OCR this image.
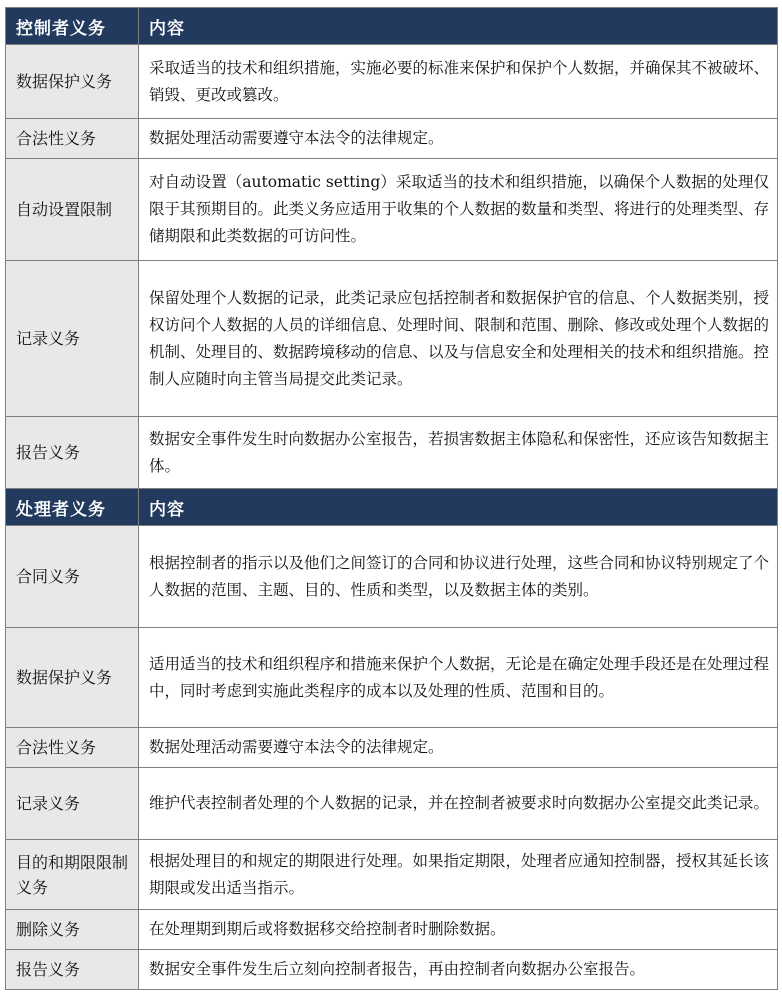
控制者义务	内容
数据保护义务	采取适当的技术和组织措施，实施必要的标准来保护和保护个人数据，并确保其不被破坏、销毁、更改或篡改。
合法性义务	数据处理活动需要遵守本法令的法律规定。
自动设置限制	对自动设置（automatic setting）采取适当的技术和组织措施，以确保个人数据的处理仅限于其预期目的。此类义务应适用于收集的个人数据的数量和类型、将进行的处理类型、存储期限和此类数据的可访问性。
记录义务	保留处理个人数据的记录，此类记录应包括控制者和数据保护官的信息、个人数据类别，授权访问个人数据的人员的详细信息、处理时间、限制和范围、删除、修改或处理个人数据的机制、处理目的、数据跨境移动的信息、以及与信息安全和处理相关的技术和组织措施。控制人应随时向主管当局提交此类记录。
报告义务	数据安全事件发生时向数据办公室报告，若损害数据主体隐私和保密性，还应该告知数据主体。
处理者义务	内容
合同义务	根据控制者的指示以及他们之间签订的合同和协议进行处理，这些合同和协议特别规定了个人数据的范围、主题、目的、性质和类型，以及数据主体的类别。
数据保护义务	适用适当的技术和组织程序和措施来保护个人数据，无论是在确定处理手段还是在处理过程中，同时考虑到实施此类程序的成本以及处理的性质、范围和目的。
合法性义务	数据处理活动需要遵守本法令的法律规定。
记录义务	维护代表控制者处理的个人数据的记录，并在控制者被要求时向数据办公室提交此类记录。
目的和期限限制义务	根据处理目的和规定的期限进行处理。如果指定期限，处理者应通知控制器，授权其延长该期限或发出适当指示。
删除义务	在处理期到期后或将数据移交给控制者时删除数据。
报告义务	数据安全事件发生后立刻向控制者报告，再由控制者向数据办公室报告。
